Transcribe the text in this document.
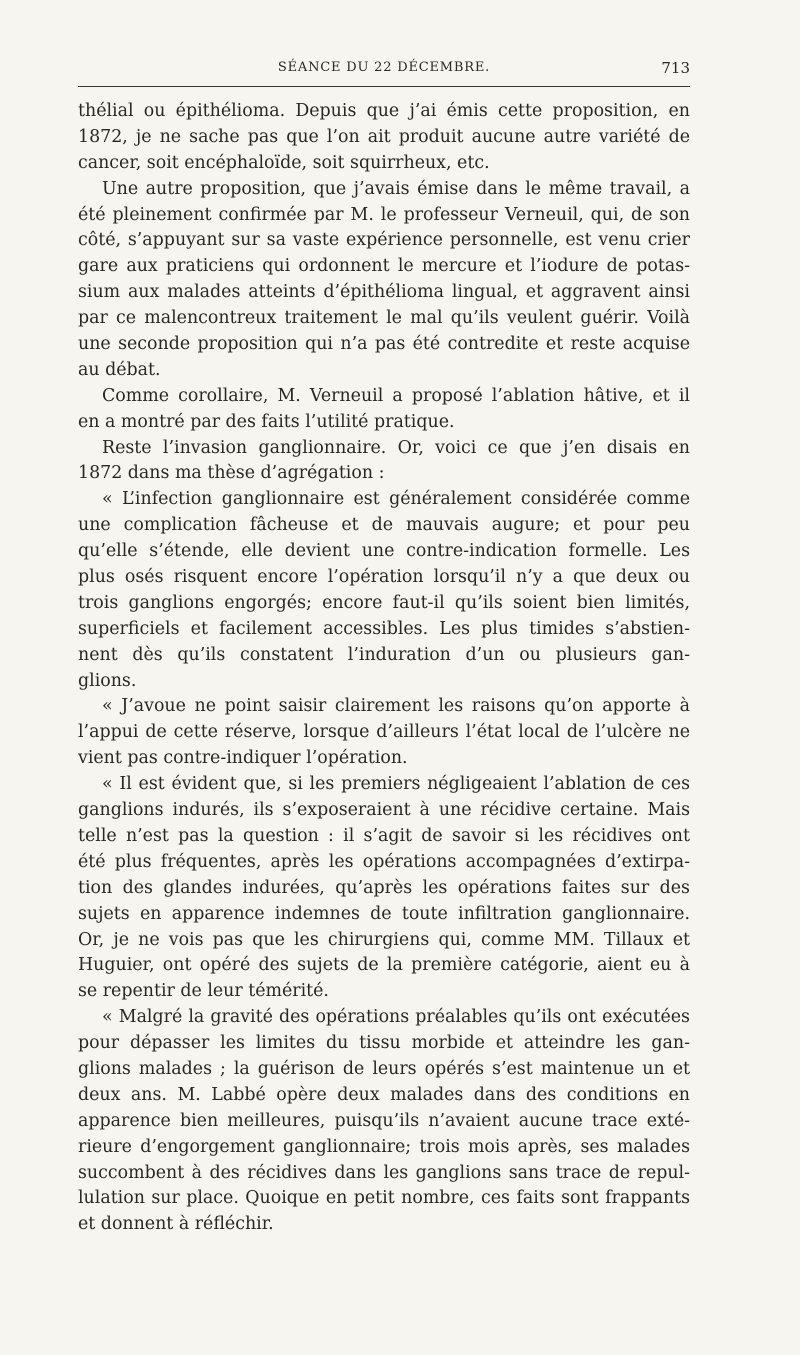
SÉANCE DU 22 DÉCEMBRE.	713
thélial ou épithélioma. Depuis que j’ai émis cette proposition, en
1872, je ne sache pas que l’on ait produit aucune autre variété de
cancer, soit encéphaloïde, soit squirrheux, etc.
Une autre proposition, que j’avais émise dans le même travail, a
été pleinement confirmée par M. le professeur Verneuil, qui, de son
côté, s’appuyant sur sa vaste expérience personnelle, est venu crier
gare aux praticiens qui ordonnent le mercure et l’iodure de potas-
sium aux malades atteints d’épithélioma lingual, et aggravent ainsi
par ce malencontreux traitement le mal qu’ils veulent guérir. Voilà
une seconde proposition qui n’a pas été contredite et reste acquise
au débat.
Comme corollaire, M. Verneuil a proposé l’ablation hâtive, et il
en a montré par des faits l’utilité pratique.
Reste l’invasion ganglionnaire. Or, voici ce que j’en disais en
1872 dans ma thèse d’agrégation :
« L’infection ganglionnaire est généralement considérée comme
une complication fâcheuse et de mauvais augure; et pour peu
qu’elle s’étende, elle devient une contre-indication formelle. Les
plus osés risquent encore l’opération lorsqu’il n’y a que deux ou
trois ganglions engorgés; encore faut-il qu’ils soient bien limités,
superficiels et facilement accessibles. Les plus timides s’abstien-
nent dès qu’ils constatent l’induration d’un ou plusieurs gan-
glions.
« J’avoue ne point saisir clairement les raisons qu’on apporte à
l’appui de cette réserve, lorsque d’ailleurs l’état local de l’ulcère ne
vient pas contre-indiquer l’opération.
« Il est évident que, si les premiers négligeaient l’ablation de ces
ganglions indurés, ils s’exposeraient à une récidive certaine. Mais
telle n’est pas la question : il s’agit de savoir si les récidives ont
été plus fréquentes, après les opérations accompagnées d’extirpa-
tion des glandes indurées, qu’après les opérations faites sur des
sujets en apparence indemnes de toute infiltration ganglionnaire.
Or, je ne vois pas que les chirurgiens qui, comme MM. Tillaux et
Huguier, ont opéré des sujets de la première catégorie, aient eu à
se repentir de leur témérité.
« Malgré la gravité des opérations préalables qu’ils ont exécutées
pour dépasser les limites du tissu morbide et atteindre les gan-
glions malades ; la guérison de leurs opérés s’est maintenue un et
deux ans. M. Labbé opère deux malades dans des conditions en
apparence bien meilleures, puisqu’ils n’avaient aucune trace exté-
rieure d’engorgement ganglionnaire; trois mois après, ses malades
succombent à des récidives dans les ganglions sans trace de repul-
lulation sur place. Quoique en petit nombre, ces faits sont frappants
et donnent à réfléchir.
